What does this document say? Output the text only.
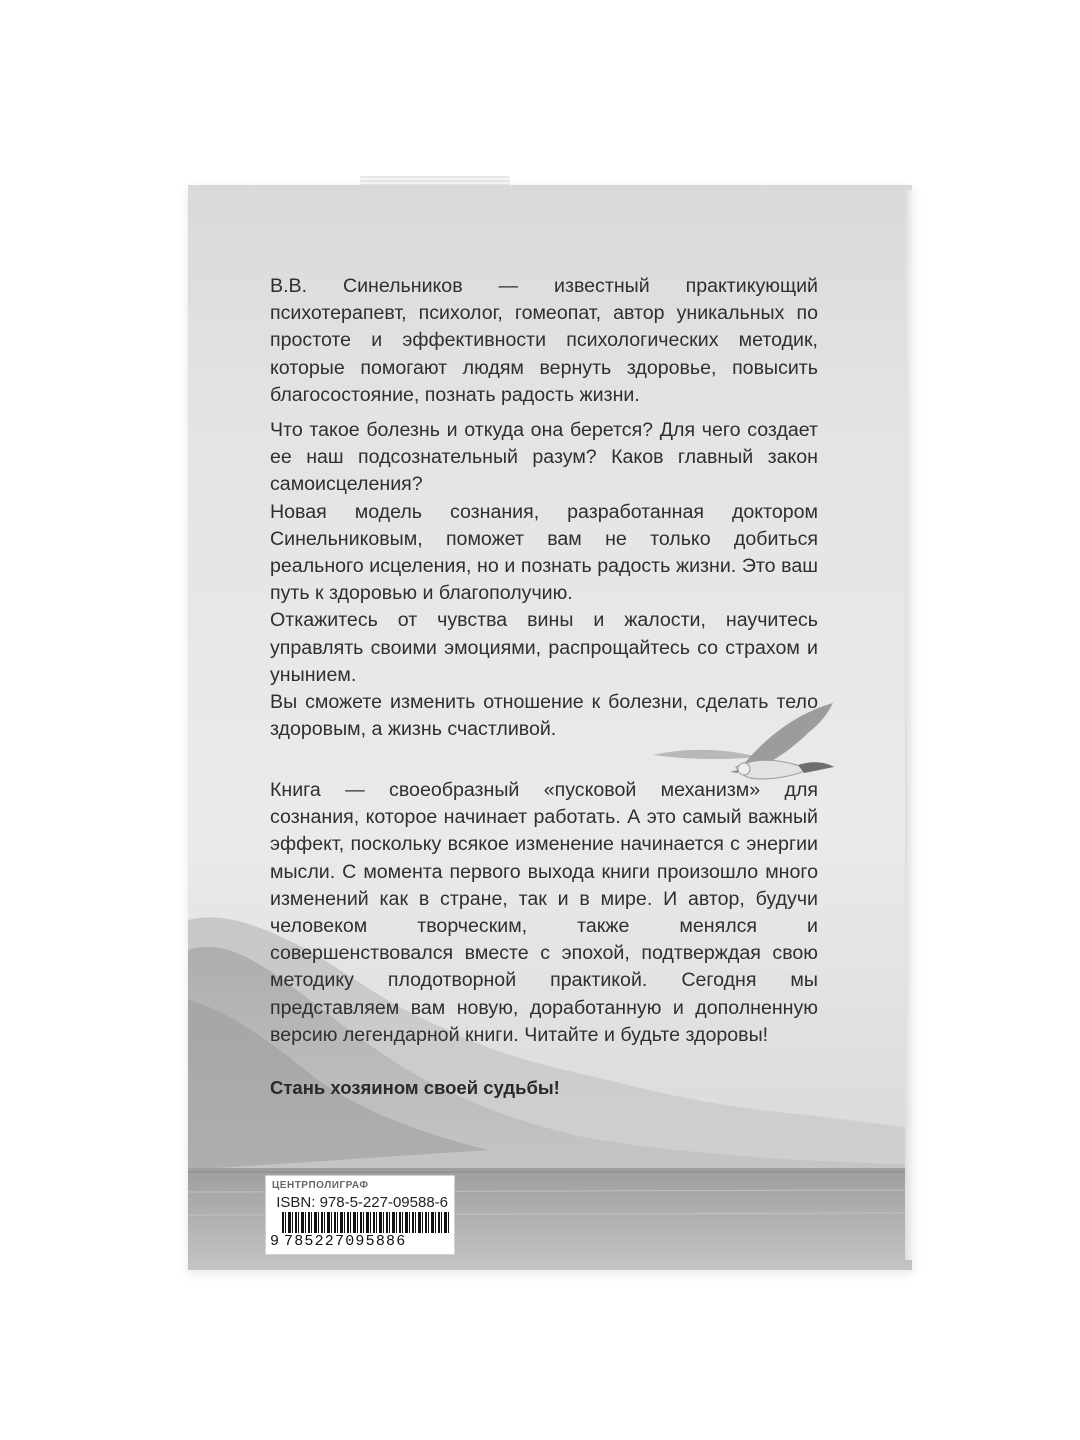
В.В. Синельников — известный практикующий психотерапевт, психолог, гомеопат, автор уникальных по простоте и эффективности психологических методик, которые помогают людям вернуть здоровье, повысить благосостояние, познать радость жизни.

Что такое болезнь и откуда она берется? Для чего создает ее наш подсознательный разум? Каков главный закон самоисцеления?

Новая модель сознания, разработанная доктором Синельниковым, поможет вам не только добиться реального исцеления, но и познать радость жизни. Это ваш путь к здоровью и благополучию.

Откажитесь от чувства вины и жалости, научитесь управлять своими эмоциями, распрощайтесь со страхом и унынием.

Вы сможете изменить отношение к болезни, сделать тело здоровым, а жизнь счастливой.

Книга — своеобразный «пусковой механизм» для сознания, которое начинает работать. А это самый важный эффект, поскольку всякое изменение начинается с энергии мысли. С момента первого выхода книги произошло много изменений как в стране, так и в мире. И автор, будучи человеком творческим, также менялся и совершенствовался вместе с эпохой, подтверждая свою методику плодотворной практикой. Сегодня мы представляем вам новую, доработанную и дополненную версию легендарной книги. Читайте и будьте здоровы!

Стань хозяином своей судьбы!
ЦЕНТРПОЛИГРАФ
ISBN: 978-5-227-09588-6
9 785227095886
